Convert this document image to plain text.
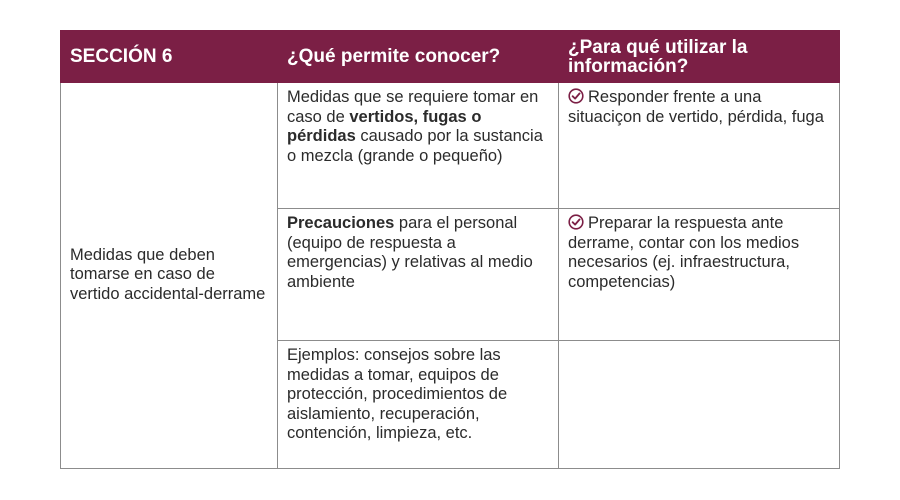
SECCIÓN 6	¿Qué permite conocer?	¿Para qué utilizar la información?
Medidas que deben tomarse en caso de vertido accidental-derrame	Medidas que se requiere tomar en caso de vertidos, fugas o pérdidas causado por la sustancia o mezcla (grande o pequeño)	Responder frente a una situaciçon de vertido, pérdida, fuga
	Precauciones para el personal (equipo de respuesta a emergencias) y relativas al medio ambiente	Preparar la respuesta ante derrame, contar con los medios necesarios (ej. infraestructura, competencias)
	Ejemplos: consejos sobre las medidas a tomar, equipos de protección, procedimientos de aislamiento, recuperación, contención, limpieza, etc.	
